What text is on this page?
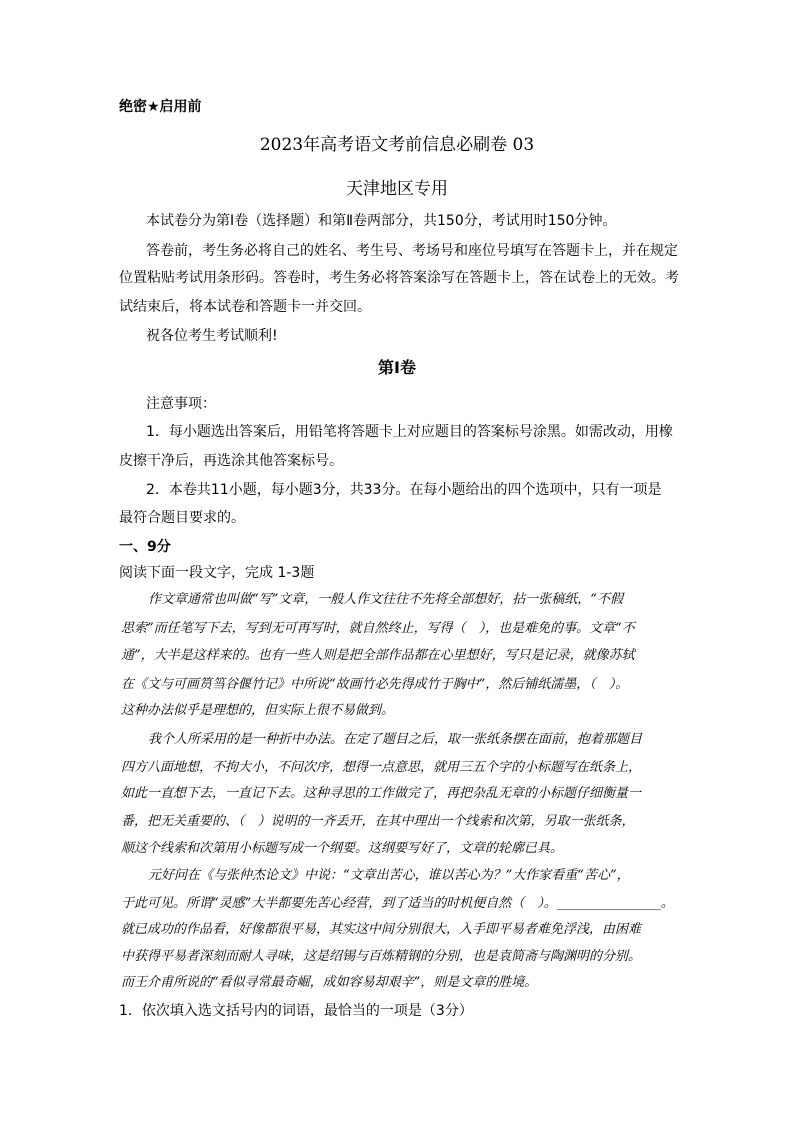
绝密★启用前
2023年高考语文考前信息必刷卷 03
天津地区专用
本试卷分为第Ⅰ卷（选择题）和第Ⅱ卷两部分，共150分，考试用时150分钟。
答卷前，考生务必将自己的姓名、考生号、考场号和座位号填写在答题卡上，并在规定
位置粘贴考试用条形码。答卷时，考生务必将答案涂写在答题卡上，答在试卷上的无效。考
试结束后，将本试卷和答题卡一并交回。
祝各位考生考试顺利!
第Ⅰ卷
注意事项：
1．每小题选出答案后，用铅笔将答题卡上对应题目的答案标号涂黑。如需改动，用橡
皮擦干净后，再选涂其他答案标号。
2．本卷共11小题，每小题3分，共33分。在每小题给出的四个选项中，只有一项是
最符合题目要求的。
一、9分
阅读下面一段文字，完成 1-3题
作文章通常也叫做“写”文章，一般人作文往往不先将全部想好，拈一张稿纸，“不假
思索”而任笔写下去，写到无可再写时，就自然终止，写得（　），也是难免的事。文章“不
通”，大半是这样来的。也有一些人则是把全部作品都在心里想好，写只是记录，就像苏轼
在《文与可画筼筜谷偃竹记》中所说“故画竹必先得成竹于胸中”，然后铺纸濡墨，（　）。
这种办法似乎是理想的，但实际上很不易做到。
我个人所采用的是一种折中办法。在定了题目之后，取一张纸条摆在面前，抱着那题目
四方八面地想，不拘大小，不问次序，想得一点意思，就用三五个字的小标题写在纸条上，
如此一直想下去，一直记下去。这种寻思的工作做完了，再把杂乱无章的小标题仔细衡量一
番，把无关重要的、（　）说明的一齐丢开，在其中理出一个线索和次第，另取一张纸条，
顺这个线索和次第用小标题写成一个纲要。这纲要写好了，文章的轮廓已具。
元好问在《与张仲杰论文》中说：“文章出苦心，谁以苦心为？”大作家看重“苦心”，
于此可见。所谓“灵感”大半都要先苦心经营，到了适当的时机便自然（　）。________________。
就已成功的作品看，好像都很平易，其实这中间分别很大，入手即平易者难免浮浅，由困难
中获得平易者深刻而耐人寻味，这是绍锡与百炼精钢的分别，也是袁简斋与陶渊明的分别。
而王介甫所说的“看似寻常最奇崛，成如容易却艰辛”，则是文章的胜境。
1．依次填入选文括号内的词语，最恰当的一项是（3分）
